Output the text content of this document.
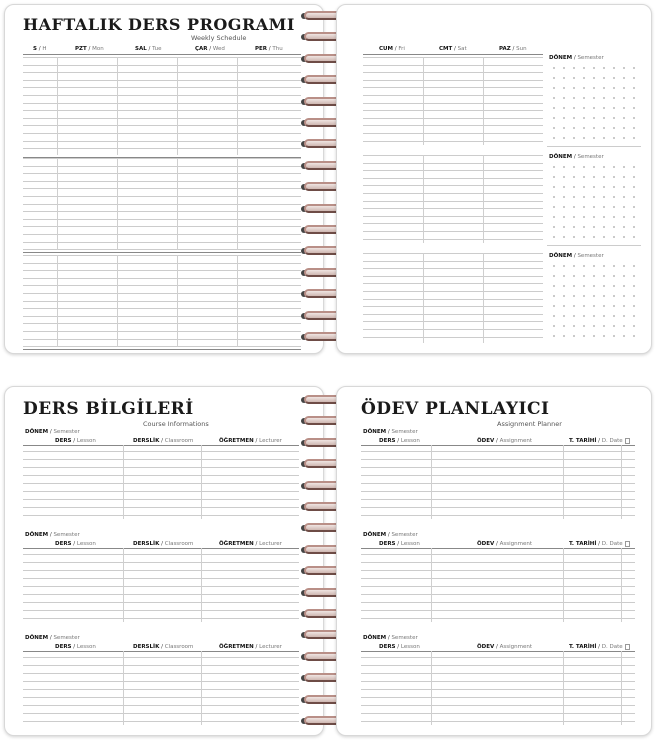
HAFTALIK DERS PROGRAMI
Weekly Schedule
S / H	PZT / Mon	SAL / Tue	ÇAR / Wed	PER / Thu	CUM / Fri	CMT / Sat	PAZ / Sun
DÖNEM / Semester
DÖNEM / Semester
DÖNEM / Semester
DERS BİLGİLERİ
Course Informations
DÖNEM / Semester
DERS / Lesson	DERSLİK / Classroom	ÖĞRETMEN / Lecturer
DÖNEM / Semester
DERS / Lesson	DERSLİK / Classroom	ÖĞRETMEN / Lecturer
DÖNEM / Semester
DERS / Lesson	DERSLİK / Classroom	ÖĞRETMEN / Lecturer
ÖDEV PLANLAYICI
Assignment Planner
DÖNEM / Semester
DERS / Lesson	ÖDEV / Assignment	T. TARİHİ / D. Date
DÖNEM / Semester
DERS / Lesson	ÖDEV / Assignment	T. TARİHİ / D. Date
DÖNEM / Semester
DERS / Lesson	ÖDEV / Assignment	T. TARİHİ / D. Date
